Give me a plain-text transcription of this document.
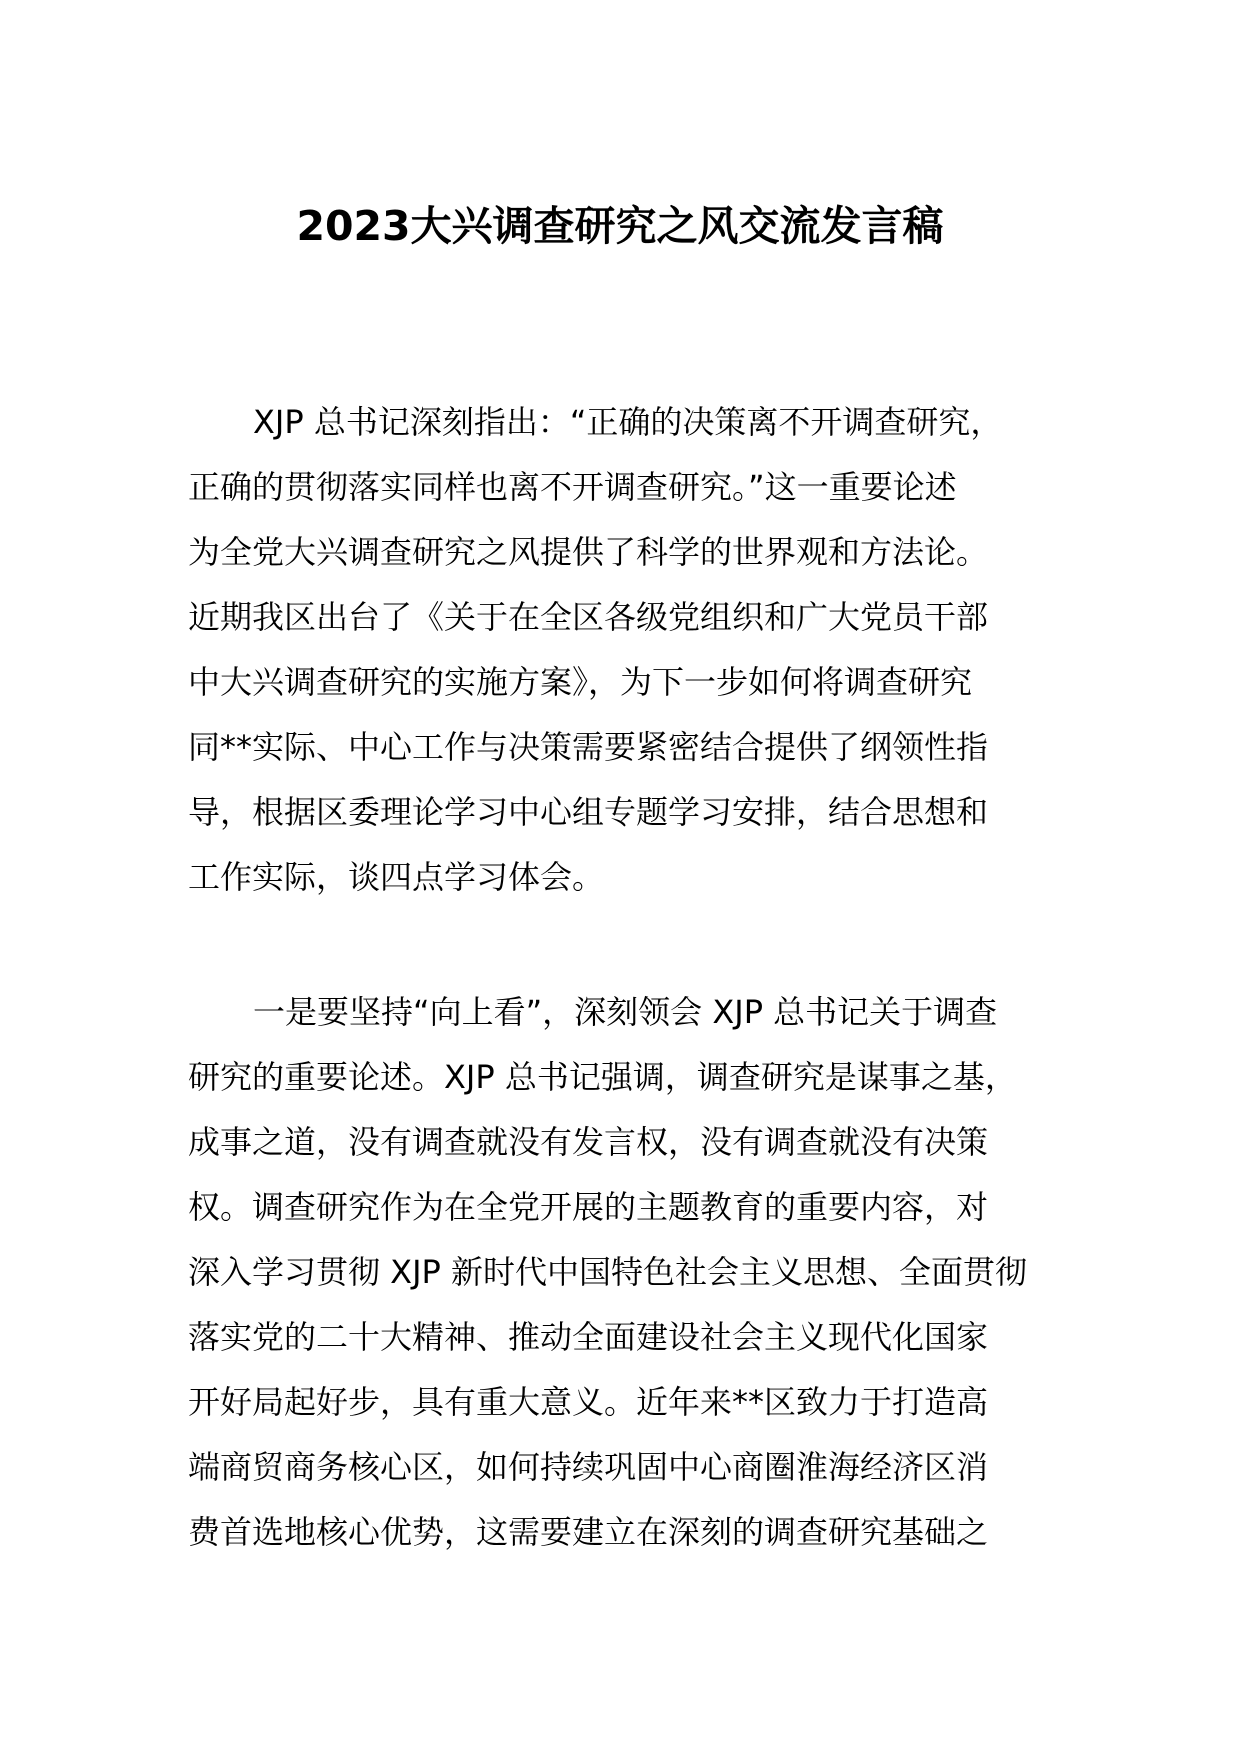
2023大兴调查研究之风交流发言稿
XJP 总书记深刻指出：“正确的决策离不开调查研究，
正确的贯彻落实同样也离不开调查研究。”这一重要论述
为全党大兴调查研究之风提供了科学的世界观和方法论。
近期我区出台了《关于在全区各级党组织和广大党员干部
中大兴调查研究的实施方案》，为下一步如何将调查研究
同**实际、中心工作与决策需要紧密结合提供了纲领性指
导，根据区委理论学习中心组专题学习安排，结合思想和
工作实际，谈四点学习体会。
一是要坚持“向上看”，深刻领会 XJP 总书记关于调查
研究的重要论述。XJP 总书记强调，调查研究是谋事之基，
成事之道，没有调查就没有发言权，没有调查就没有决策
权。调查研究作为在全党开展的主题教育的重要内容，对
深入学习贯彻 XJP 新时代中国特色社会主义思想、全面贯彻
落实党的二十大精神、推动全面建设社会主义现代化国家
开好局起好步，具有重大意义。近年来**区致力于打造高
端商贸商务核心区，如何持续巩固中心商圈淮海经济区消
费首选地核心优势，这需要建立在深刻的调查研究基础之
